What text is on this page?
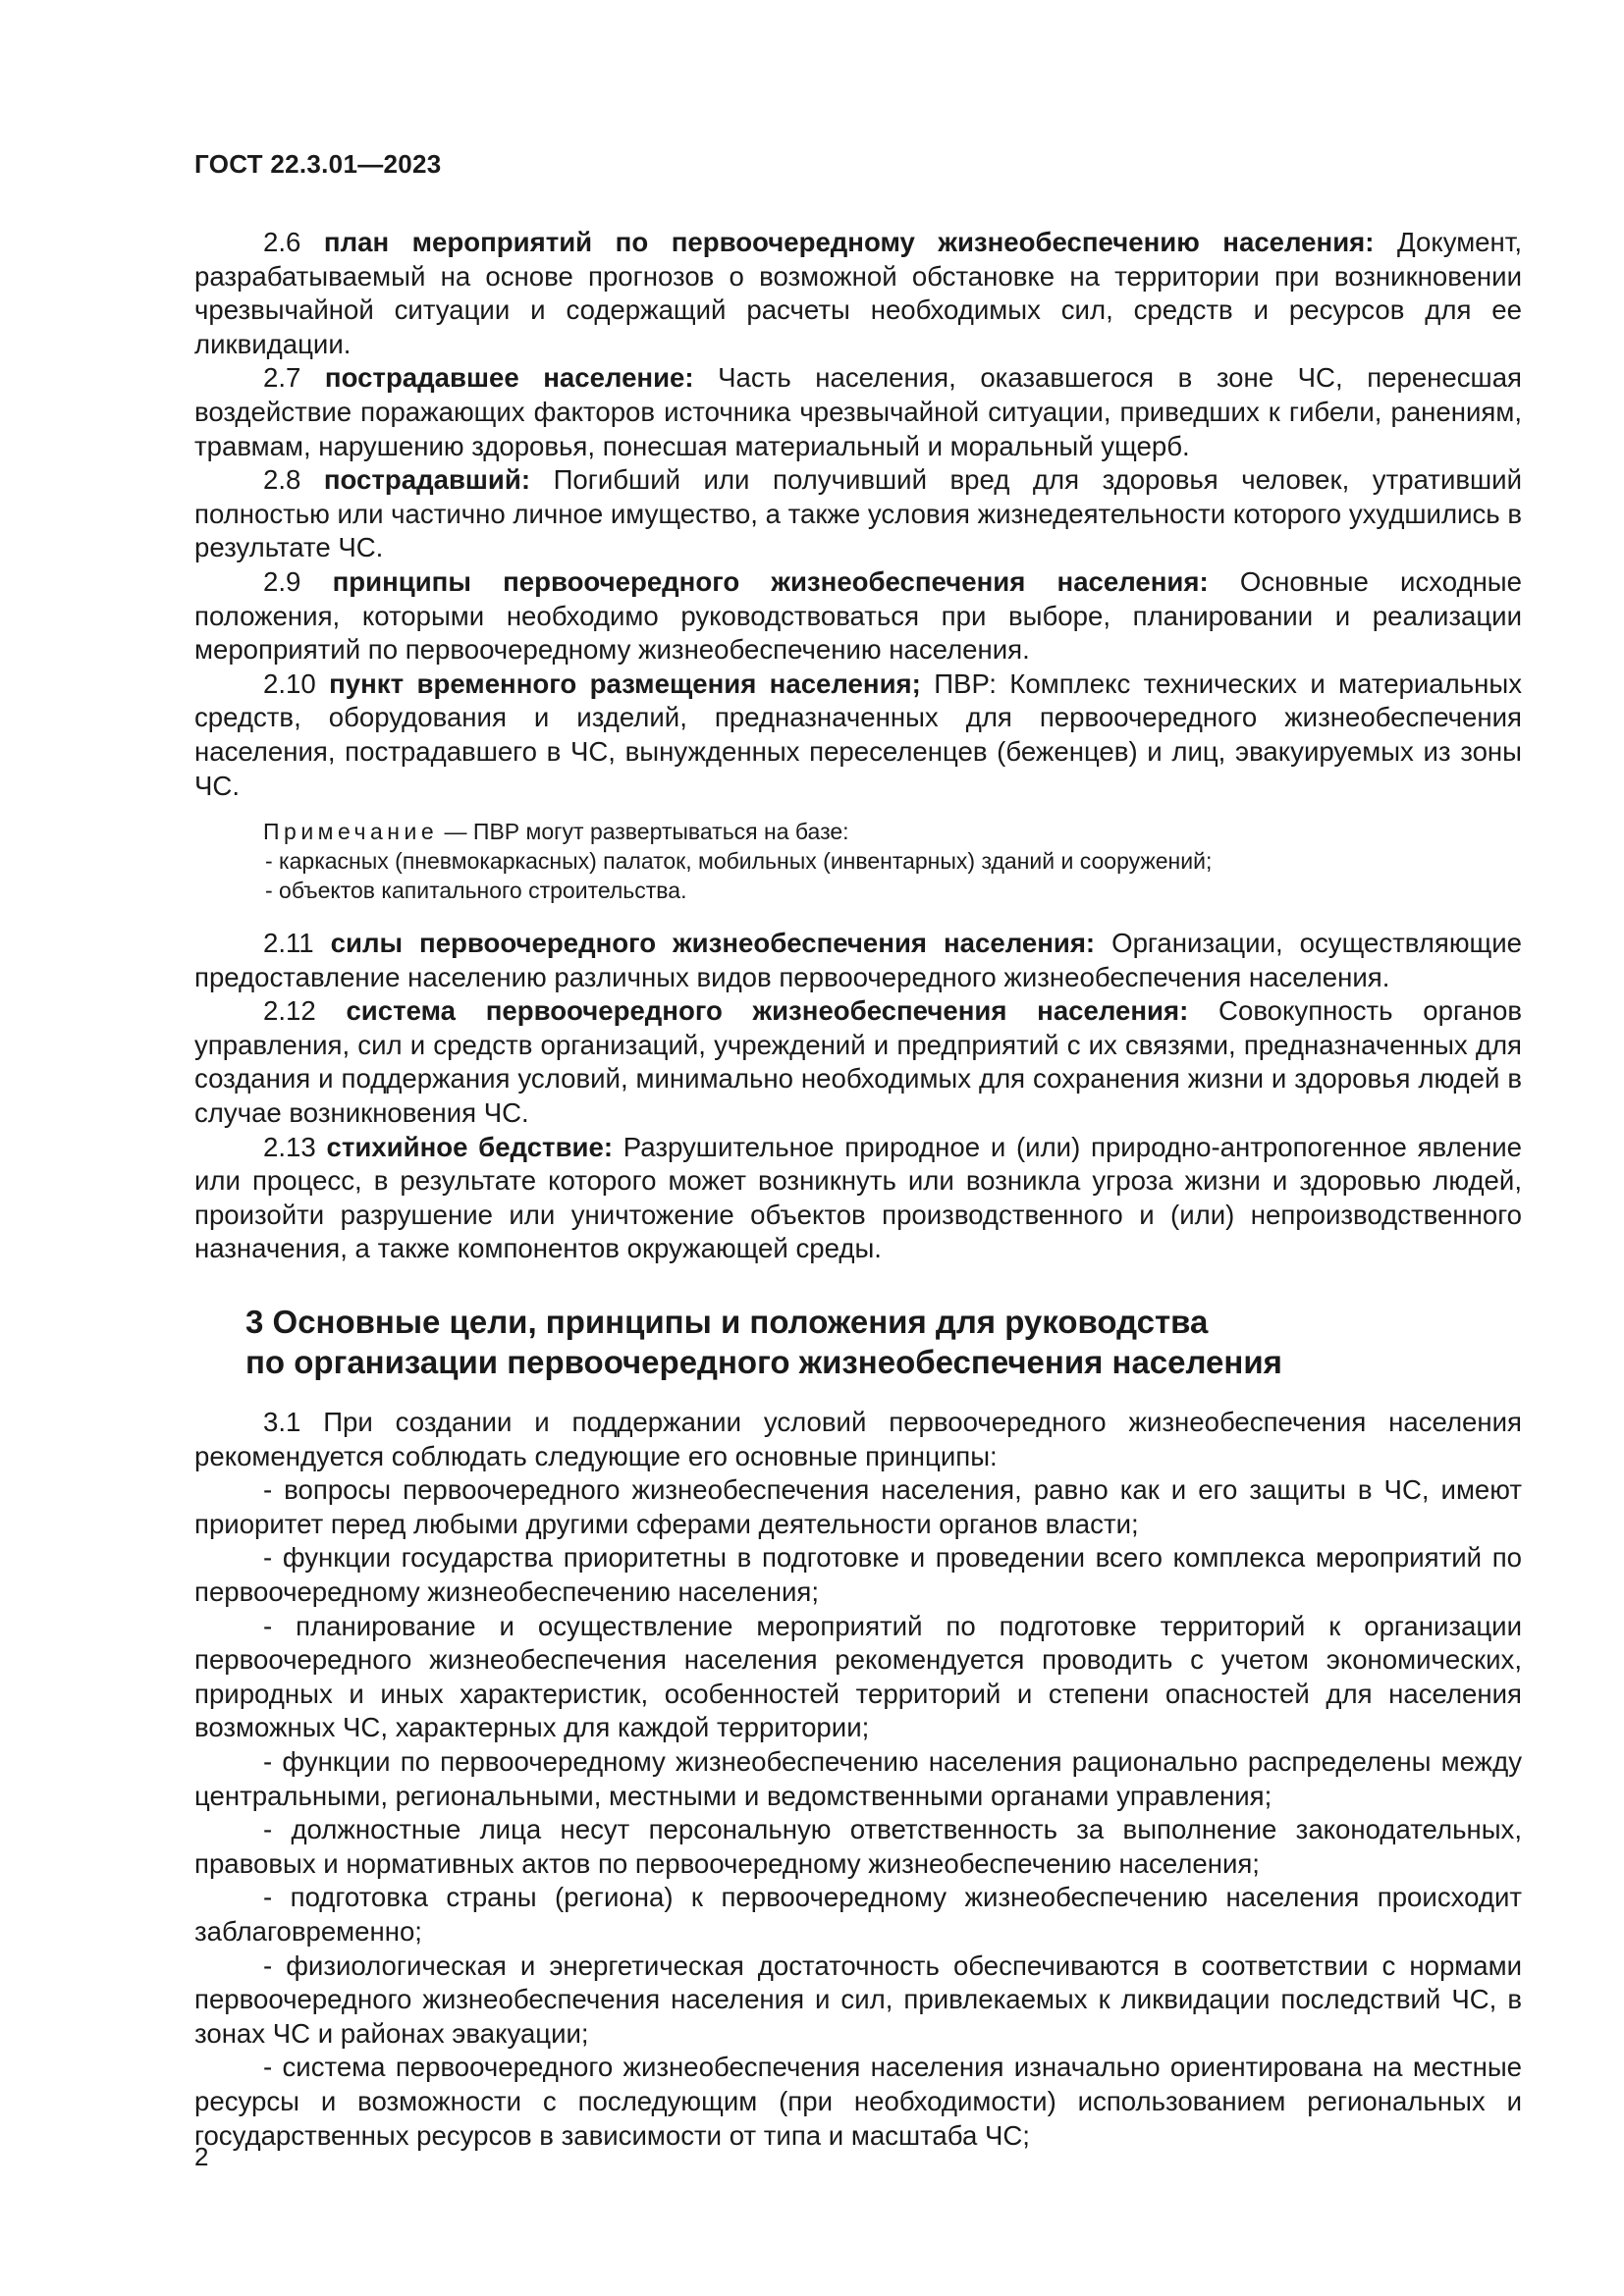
ГОСТ 22.3.01—2023

2.6 план мероприятий по первоочередному жизнеобеспечению населения: Документ, разрабатываемый на основе прогнозов о возможной обстановке на территории при возникновении чрезвычайной ситуации и содержащий расчеты необходимых сил, средств и ресурсов для ее ликвидации.

2.7 пострадавшее население: Часть населения, оказавшегося в зоне ЧС, перенесшая воздействие поражающих факторов источника чрезвычайной ситуации, приведших к гибели, ранениям, травмам, нарушению здоровья, понесшая материальный и моральный ущерб.

2.8 пострадавший: Погибший или получивший вред для здоровья человек, утративший полностью или частично личное имущество, а также условия жизнедеятельности которого ухудшились в результате ЧС.

2.9 принципы первоочередного жизнеобеспечения населения: Основные исходные положения, которыми необходимо руководствоваться при выборе, планировании и реализации мероприятий по первоочередному жизнеобеспечению населения.

2.10 пункт временного размещения населения; ПВР: Комплекс технических и материальных средств, оборудования и изделий, предназначенных для первоочередного жизнеобеспечения населения, пострадавшего в ЧС, вынужденных переселенцев (беженцев) и лиц, эвакуируемых из зоны ЧС.

Примечание — ПВР могут развертываться на базе:

- каркасных (пневмокаркасных) палаток, мобильных (инвентарных) зданий и сооружений;

- объектов капитального строительства.

2.11 силы первоочередного жизнеобеспечения населения: Организации, осуществляющие предоставление населению различных видов первоочередного жизнеобеспечения населения.

2.12 система первоочередного жизнеобеспечения населения: Совокупность органов управления, сил и средств организаций, учреждений и предприятий с их связями, предназначенных для создания и поддержания условий, минимально необходимых для сохранения жизни и здоровья людей в случае возникновения ЧС.

2.13 стихийное бедствие: Разрушительное природное и (или) природно-антропогенное явление или процесс, в результате которого может возникнуть или возникла угроза жизни и здоровью людей, произойти разрушение или уничтожение объектов производственного и (или) непроизводственного назначения, а также компонентов окружающей среды.

3 Основные цели, принципы и положения для руководства
по организации первоочередного жизнеобеспечения населения

3.1 При создании и поддержании условий первоочередного жизнеобеспечения населения рекомендуется соблюдать следующие его основные принципы:

- вопросы первоочередного жизнеобеспечения населения, равно как и его защиты в ЧС, имеют приоритет перед любыми другими сферами деятельности органов власти;

- функции государства приоритетны в подготовке и проведении всего комплекса мероприятий по первоочередному жизнеобеспечению населения;

- планирование и осуществление мероприятий по подготовке территорий к организации первоочередного жизнеобеспечения населения рекомендуется проводить с учетом экономических, природных и иных характеристик, особенностей территорий и степени опасностей для населения возможных ЧС, характерных для каждой территории;

- функции по первоочередному жизнеобеспечению населения рационально распределены между центральными, региональными, местными и ведомственными органами управления;

- должностные лица несут персональную ответственность за выполнение законодательных, правовых и нормативных актов по первоочередному жизнеобеспечению населения;

- подготовка страны (региона) к первоочередному жизнеобеспечению населения происходит заблаговременно;

- физиологическая и энергетическая достаточность обеспечиваются в соответствии с нормами первоочередного жизнеобеспечения населения и сил, привлекаемых к ликвидации последствий ЧС, в зонах ЧС и районах эвакуации;

- система первоочередного жизнеобеспечения населения изначально ориентирована на местные ресурсы и возможности с последующим (при необходимости) использованием региональных и государственных ресурсов в зависимости от типа и масштаба ЧС;

2
